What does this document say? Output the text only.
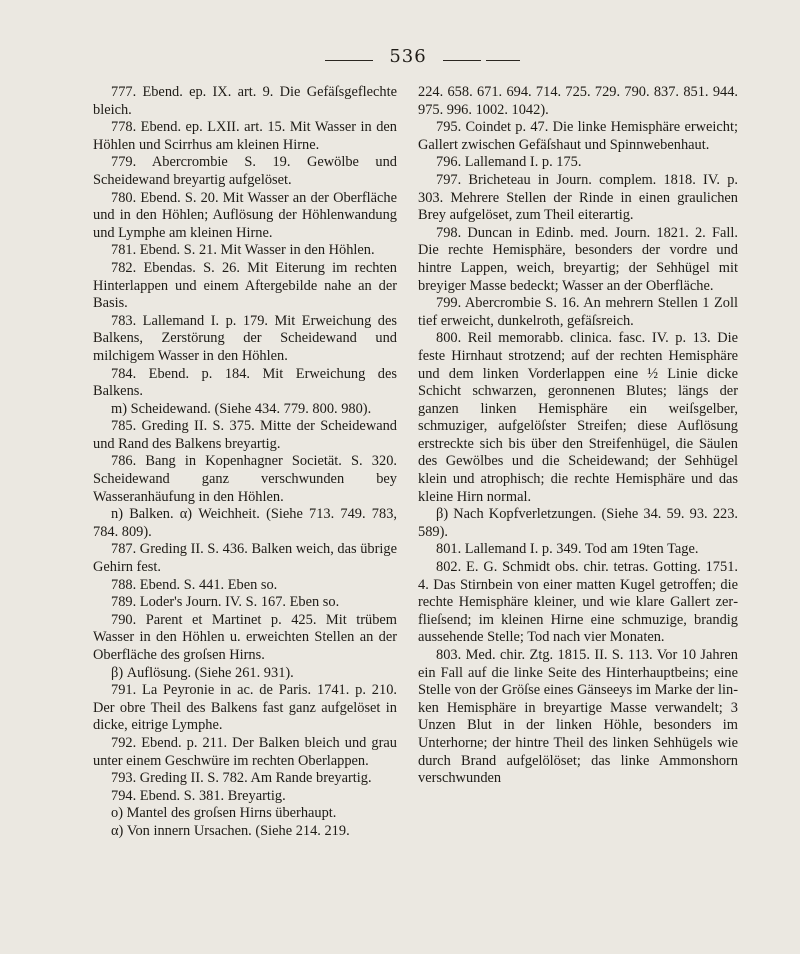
536

777. Ebend. ep. IX. art. 9. Die Gefäſsgeflechte bleich.

778. Ebend. ep. LXII. art. 15. Mit Wasser in den Höhlen und Scirrhus am kleinen Hirne.

779. Abercrombie S. 19. Gewölbe und Scheidewand breyartig aufgelöset.

780. Ebend. S. 20. Mit Wasser an der Oberfläche und in den Höhlen; Auflösung der Höhlenwandung und Lymphe am kleinen Hirne.

781. Ebend. S. 21. Mit Wasser in den Höhlen.

782. Ebendas. S. 26. Mit Eiterung im rechten Hinterlappen und einem Aftergebilde nahe an der Basis.

783. Lallemand I. p. 179. Mit Erweichung des Balkens, Zerstörung der Scheidewand und milchigem Wasser in den Höhlen.

784. Ebend. p. 184. Mit Erweichung des Balkens.

m) Scheidewand. (Siehe 434. 779. 800. 980).

785. Greding II. S. 375. Mitte der Scheidewand und Rand des Balkens breyartig.

786. Bang in Kopenhagner Societät. S. 320. Scheidewand ganz verschwunden bey Wasseranhäufung in den Höhlen.

n) Balken. α) Weichheit. (Siehe 713. 749. 783, 784. 809).

787. Greding II. S. 436. Balken weich, das übrige Gehirn fest.

788. Ebend. S. 441. Eben so.

789. Loder's Journ. IV. S. 167. Eben so.

790. Parent et Martinet p. 425. Mit trübem Wasser in den Höhlen u. erweichten Stellen an der Oberfläche des groſsen Hirns.

β) Auflösung. (Siehe 261. 931).

791. La Peyronie in ac. de Paris. 1741. p. 210. Der obre Theil des Balkens fast ganz aufgelöset in dicke, eitrige Lymphe.

792. Ebend. p. 211. Der Balken bleich und grau unter einem Geschwüre im rechten Oberlappen.

793. Greding II. S. 782. Am Rande breyartig.

794. Ebend. S. 381. Breyartig.

o) Mantel des groſsen Hirns überhaupt.

α) Von innern Ursachen. (Siehe 214. 219.

224. 658. 671. 694. 714. 725. 729. 790. 837. 851. 944. 975. 996. 1002. 1042).

795. Coindet p. 47. Die linke Hemisphäre erweicht; Gallert zwischen Gefäſshaut und Spinnwebenhaut.

796. Lallemand I. p. 175.

797. Bricheteau in Journ. complem. 1818. IV. p. 303. Mehrere Stellen der Rinde in einen graulichen Brey aufgelöset, zum Theil eiterartig.

798. Duncan in Edinb. med. Journ. 1821. 2. Fall. Die rechte Hemisphäre, besonders der vordre und hintre Lappen, weich, breyartig; der Sehhügel mit breyiger Masse bedeckt; Wasser an der Oberfläche.

799. Abercrombie S. 16. An mehrern Stellen 1 Zoll tief erweicht, dunkelroth, gefäſsreich.

800. Reil memorabb. clinica. fasc. IV. p. 13. Die feste Hirnhaut strotzend; auf der rechten Hemisphäre und dem linken Vorderlappen eine ½ Linie dicke Schicht schwarzen, geronnenen Blutes; längs der ganzen linken Hemisphäre ein weiſsgelber, schmuziger, aufgelöſster Streifen; diese Auflösung erstreckte sich bis über den Streifenhügel, die Säulen des Gewölbes und die Scheidewand; der Sehhügel klein und atrophisch; die rechte Hemisphäre und das kleine Hirn normal.

β) Nach Kopfverletzungen. (Siehe 34. 59. 93. 223. 589).

801. Lallemand I. p. 349. Tod am 19ten Tage.

802. E. G. Schmidt obs. chir. tetras. Gotting. 1751. 4. Das Stirnbein von einer matten Kugel getroffen; die rechte Hemisphäre kleiner, und wie klare Gallert zerflieſsend; im kleinen Hirne eine schmuzige, brandig aussehende Stelle; Tod nach vier Monaten.

803. Med. chir. Ztg. 1815. II. S. 113. Vor 10 Jahren ein Fall auf die linke Seite des Hinterhauptbeins; eine Stelle von der Gröſse eines Gänseeys im Marke der linken Hemisphäre in breyartige Masse verwandelt; 3 Unzen Blut in der linken Höhle, besonders im Unterhorne; der hintre Theil des linken Sehhügels wie durch Brand aufgelölöset; das linke Ammonshorn verschwunden
